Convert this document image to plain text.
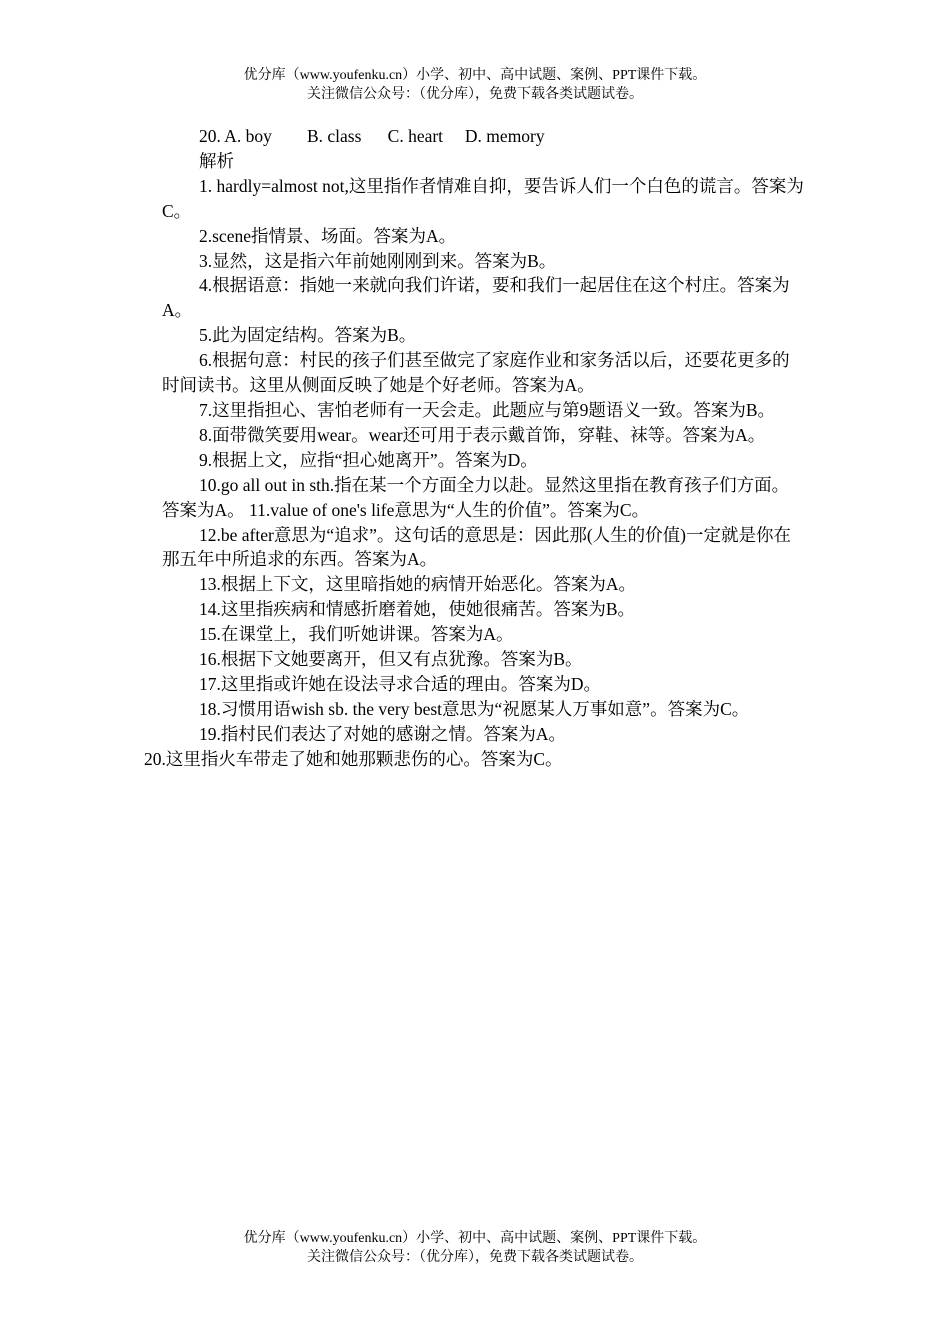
优分库（www.youfenku.cn）小学、初中、高中试题、案例、PPT课件下载。
关注微信公众号：（优分库），免费下载各类试题试卷。

20. A. boy B. class C. heart D. memory

解析

1. hardly=almost not,这里指作者情难自抑，要告诉人们一个白色的谎言。答案为C。

2.scene指情景、场面。答案为A。

3.显然，这是指六年前她刚刚到来。答案为B。

4.根据语意：指她一来就向我们许诺，要和我们一起居住在这个村庄。答案为A。

5.此为固定结构。答案为B。

6.根据句意：村民的孩子们甚至做完了家庭作业和家务活以后，还要花更多的时间读书。这里从侧面反映了她是个好老师。答案为A。

7.这里指担心、害怕老师有一天会走。此题应与第9题语义一致。答案为B。

8.面带微笑要用wear。wear还可用于表示戴首饰，穿鞋、袜等。答案为A。

9.根据上文，应指“担心她离开”。答案为D。

10.go all out in sth.指在某一个方面全力以赴。显然这里指在教育孩子们方面。答案为A。 11.value of one's life意思为“人生的价值”。答案为C。

12.be after意思为“追求”。这句话的意思是：因此那(人生的价值)一定就是你在那五年中所追求的东西。答案为A。

13.根据上下文，这里暗指她的病情开始恶化。答案为A。

14.这里指疾病和情感折磨着她，使她很痛苦。答案为B。

15.在课堂上，我们听她讲课。答案为A。

16.根据下文她要离开，但又有点犹豫。答案为B。

17.这里指或许她在设法寻求合适的理由。答案为D。

18.习惯用语wish sb. the very best意思为“祝愿某人万事如意”。答案为C。

19.指村民们表达了对她的感谢之情。答案为A。

20.这里指火车带走了她和她那颗悲伤的心。答案为C。

优分库（www.youfenku.cn）小学、初中、高中试题、案例、PPT课件下载。
关注微信公众号：（优分库），免费下载各类试题试卷。
